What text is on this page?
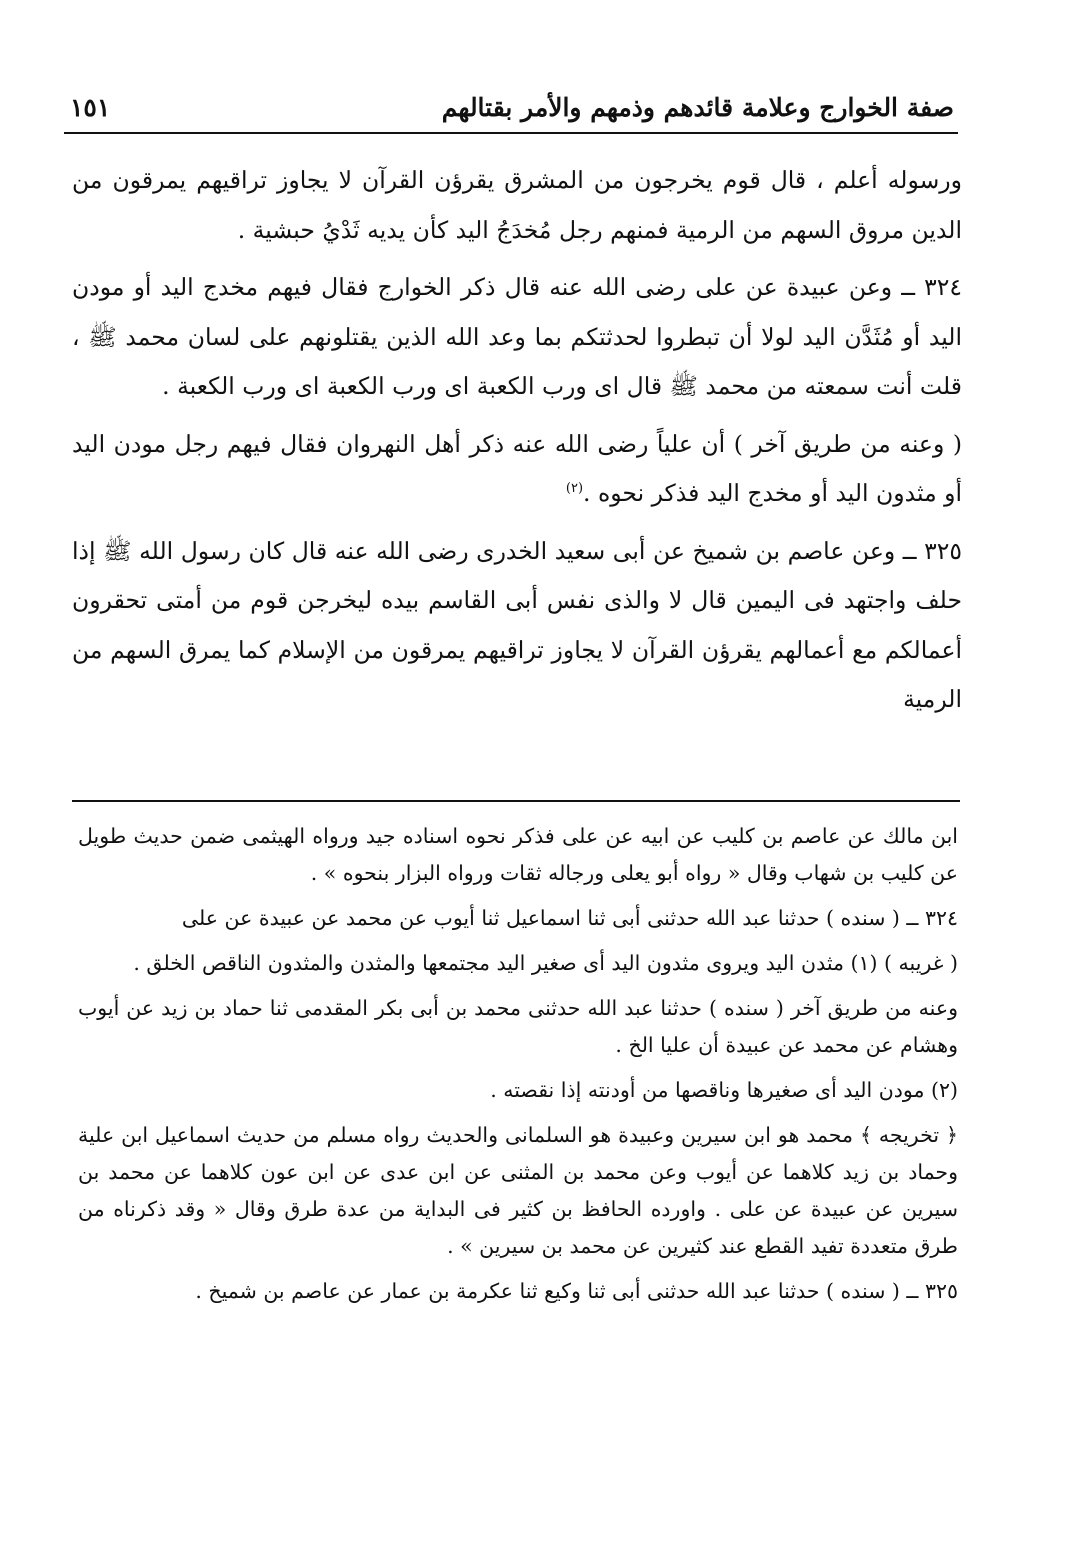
صفة الخوارج وعلامة قائدهم وذمهم والأمر بقتالهم
١٥١

ورسوله أعلم ، قال قوم يخرجون من المشرق يقرؤن القرآن لا يجاوز تراقيهم يمرقون من الدين مروق السهم من الرمية فمنهم رجل مُخدَجُ اليد كأن يديه ثَدْيُ حبشية .

٣٢٤ ــ وعن عبيدة عن على رضى الله عنه قال ذكر الخوارج فقال فيهم مخدج اليد أو مودن اليد أو مُثَدَّن اليد لولا أن تبطروا لحدثتكم بما وعد الله الذين يقتلونهم على لسان محمد ﷺ ، قلت أنت سمعته من محمد ﷺ قال اى ورب الكعبة اى ورب الكعبة اى ورب الكعبة .

( وعنه من طريق آخر ) أن علياً رضى الله عنه ذكر أهل النهروان فقال فيهم رجل مودن اليد أو مثدون اليد أو مخدج اليد فذكر نحوه .$^{(٢)}$

٣٢٥ ــ وعن عاصم بن شميخ عن أبى سعيد الخدرى رضى الله عنه قال كان رسول الله ﷺ إذا حلف واجتهد فى اليمين قال لا والذى نفس أبى القاسم بيده ليخرجن قوم من أمتى تحقرون أعمالكم مع أعمالهم يقرؤن القرآن لا يجاوز تراقيهم يمرقون من الإسلام كما يمرق السهم من الرمية

ابن مالك عن عاصم بن كليب عن ابيه عن على فذكر نحوه اسناده جيد ورواه الهيثمى ضمن حديث طويل عن كليب بن شهاب وقال « رواه أبو يعلى ورجاله ثقات ورواه البزار بنحوه » .

٣٢٤ ــ ( سنده ) حدثنا عبد الله حدثنى أبى ثنا اسماعيل ثنا أيوب عن محمد عن عبيدة عن على

( غريبه ) (١) مثدن اليد ويروى مثدون اليد أى صغير اليد مجتمعها والمثدن والمثدون الناقص الخلق .

وعنه من طريق آخر ( سنده ) حدثنا عبد الله حدثنى محمد بن أبى بكر المقدمى ثنا حماد بن زيد عن أيوب وهشام عن محمد عن عبيدة أن عليا الخ .

(٢) مودن اليد أى صغيرها وناقصها من أودنته إذا نقصته .

﴿ تخريجه ﴾ محمد هو ابن سيرين وعبيدة هو السلمانى والحديث رواه مسلم من حديث اسماعيل ابن علية وحماد بن زيد كلاهما عن أيوب وعن محمد بن المثنى عن ابن عدى عن ابن عون كلاهما عن محمد بن سيرين عن عبيدة عن على . واورده الحافظ بن كثير فى البداية من عدة طرق وقال « وقد ذكرناه من طرق متعددة تفيد القطع عند كثيرين عن محمد بن سيرين » .

٣٢٥ ــ ( سنده ) حدثنا عبد الله حدثنى أبى ثنا وكيع ثنا عكرمة بن عمار عن عاصم بن شميخ .
